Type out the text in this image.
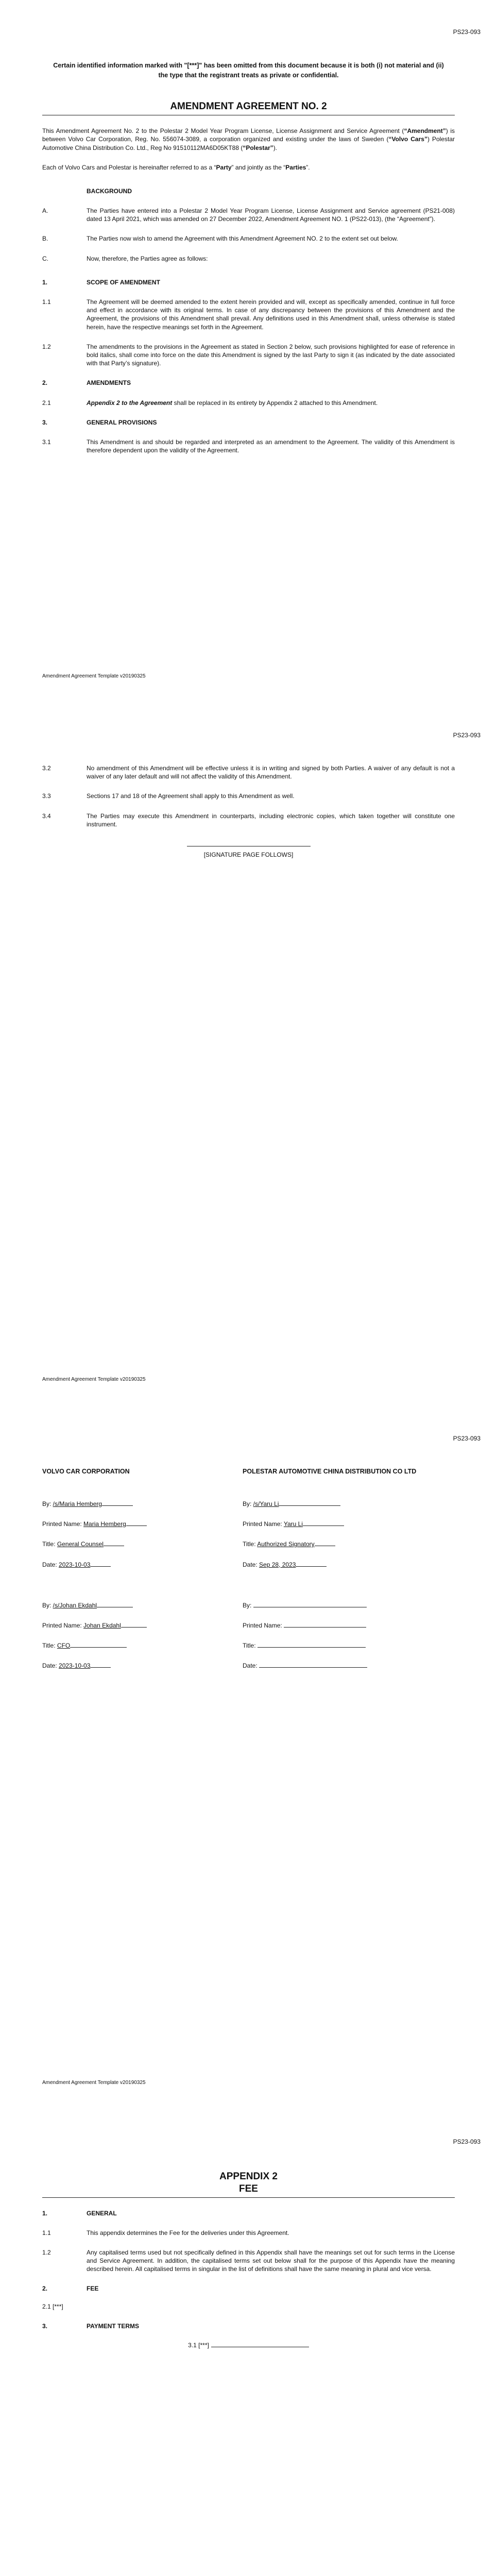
PS23-093
Certain identified information marked with "[***]" has been omitted from this document because it is both (i) not material and (ii) the type that the registrant treats as private or confidential.
AMENDMENT AGREEMENT NO. 2

This Amendment Agreement No. 2 to the Polestar 2 Model Year Program License, License Assignment and Service Agreement (“Amendment”) is between Volvo Car Corporation, Reg. No. 556074-3089, a corporation organized and existing under the laws of Sweden (“Volvo Cars”) Polestar Automotive China Distribution Co. Ltd., Reg No 91510112MA6D05KT88 (“Polestar”).

Each of Volvo Cars and Polestar is hereinafter referred to as a “Party” and jointly as the “Parties”.

BACKGROUND
A.	The Parties have entered into a Polestar 2 Model Year Program License, License Assignment and Service agreement (PS21-008) dated 13 April 2021, which was amended on 27 December 2022, Amendment Agreement NO. 1 (PS22-013), (the “Agreement”).
B.	The Parties now wish to amend the Agreement with this Amendment Agreement NO. 2 to the extent set out below.
C.	Now, therefore, the Parties agree as follows:
1.	SCOPE OF AMENDMENT
1.1	The Agreement will be deemed amended to the extent herein provided and will, except as specifically amended, continue in full force and effect in accordance with its original terms. In case of any discrepancy between the provisions of this Amendment and the Agreement, the provisions of this Amendment shall prevail. Any definitions used in this Amendment shall, unless otherwise is stated herein, have the respective meanings set forth in the Agreement.
1.2	The amendments to the provisions in the Agreement as stated in Section 2 below, such provisions highlighted for ease of reference in bold italics, shall come into force on the date this Amendment is signed by the last Party to sign it (as indicated by the date associated with that Party’s signature).
2.	AMENDMENTS
2.1	Appendix 2 to the Agreement shall be replaced in its entirety by Appendix 2 attached to this Amendment.
3.	GENERAL PROVISIONS
3.1	This Amendment is and should be regarded and interpreted as an amendment to the Agreement. The validity of this Amendment is therefore dependent upon the validity of the Agreement.
Amendment Agreement Template v20190325
PS23-093
3.2	No amendment of this Amendment will be effective unless it is in writing and signed by both Parties. A waiver of any default is not a waiver of any later default and will not affect the validity of this Amendment.
3.3	Sections 17 and 18 of the Agreement shall apply to this Amendment as well.
3.4	The Parties may execute this Amendment in counterparts, including electronic copies, which taken together will constitute one instrument.
[SIGNATURE PAGE FOLLOWS]
Amendment Agreement Template v20190325
PS23-093
VOLVO CAR CORPORATION
By: /s/Maria Hemberg
Printed Name: Maria Hemberg
Title: General Counsel
Date: 2023-10-03
By: /s/Johan Ekdahl
Printed Name: Johan Ekdahl
Title: CFO
Date: 2023-10-03
POLESTAR AUTOMOTIVE CHINA DISTRIBUTION CO LTD
By: /s/Yaru Li
Printed Name: Yaru Li
Title: Authorized Signatory
Date: Sep 28, 2023
By:
Printed Name:
Title:
Date:
Amendment Agreement Template v20190325
PS23-093
APPENDIX 2
FEE
1.	GENERAL
1.1	This appendix determines the Fee for the deliveries under this Agreement.
1.2	Any capitalised terms used but not specifically defined in this Appendix shall have the meanings set out for such terms in the License and Service Agreement. In addition, the capitalised terms set out below shall for the purpose of this Appendix have the meaning described herein. All capitalised terms in singular in the list of definitions shall have the same meaning in plural and vice versa.
2.	FEE
2.1 [***]
3.	PAYMENT TERMS
3.1 [***]
